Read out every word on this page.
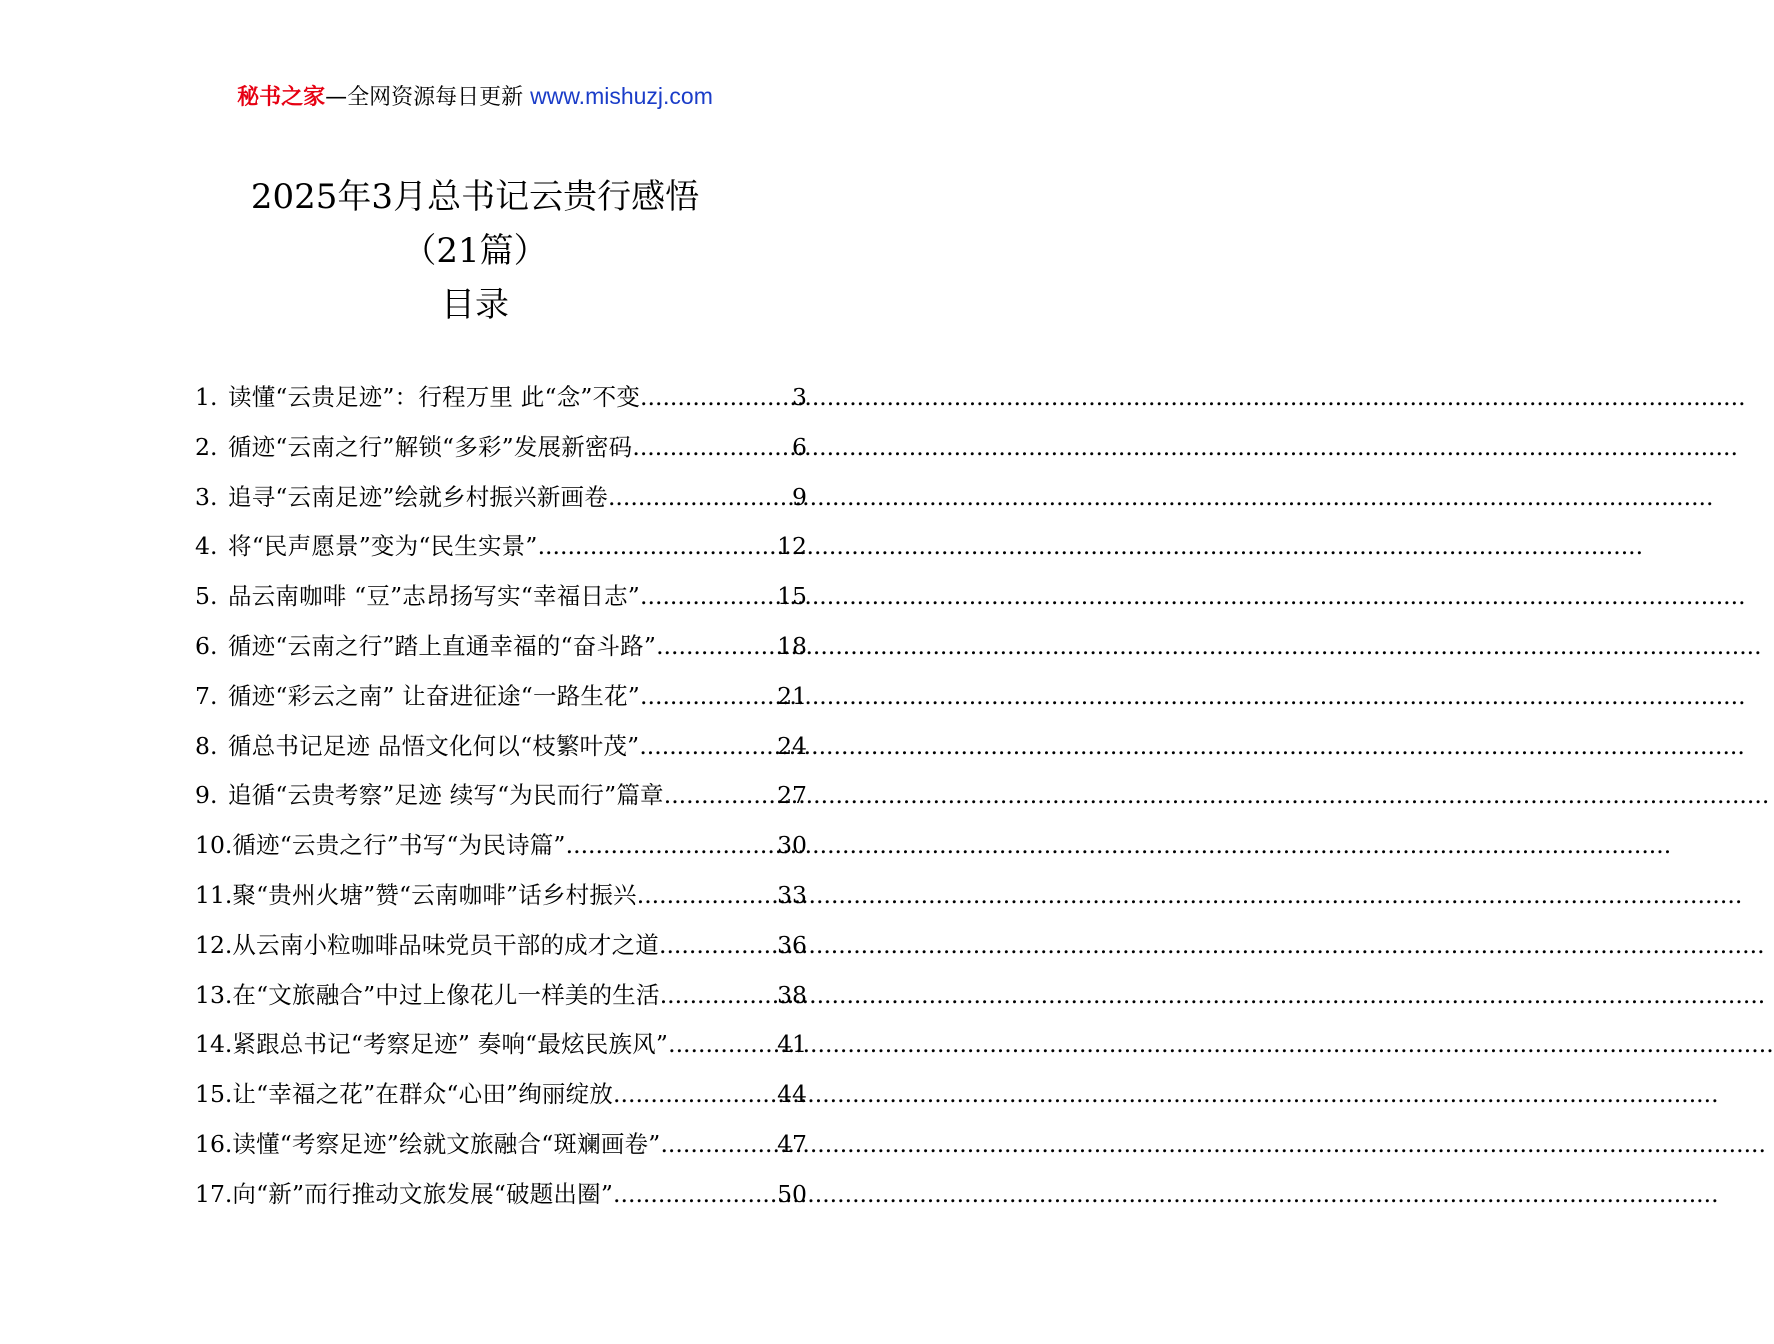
秘书之家—全网资源每日更新 www.mishuzj.com
2025年3月总书记云贵行感悟
（21篇）
目录
1. 读懂“云贵足迹”：行程万里 此“念”不变 .....	3
2. 循迹“云南之行”解锁“多彩”发展新密码 .....	6
3. 追寻“云南足迹”绘就乡村振兴新画卷 .....	9
4. 将“民声愿景”变为“民生实景” .....	12
5. 品云南咖啡 “豆”志昂扬写实“幸福日志” .....	15
6. 循迹“云南之行”踏上直通幸福的“奋斗路” .....	18
7. 循迹“彩云之南” 让奋进征途“一路生花” .....	21
8. 循总书记足迹 品悟文化何以“枝繁叶茂” .....	24
9. 追循“云贵考察”足迹 续写“为民而行”篇章 .....	27
10. 循迹“云贵之行”书写“为民诗篇” .....	30
11. 聚“贵州火塘”赞“云南咖啡”话乡村振兴 .....	33
12. 从云南小粒咖啡品味党员干部的成才之道 .....	36
13. 在“文旅融合”中过上像花儿一样美的生活 .....	38
14. 紧跟总书记“考察足迹” 奏响“最炫民族风” .....	41
15. 让“幸福之花”在群众“心田”绚丽绽放 .....	44
16. 读懂“考察足迹”绘就文旅融合“斑斓画卷” .....	47
17. 向“新”而行推动文旅发展“破题出圈” .....	50
